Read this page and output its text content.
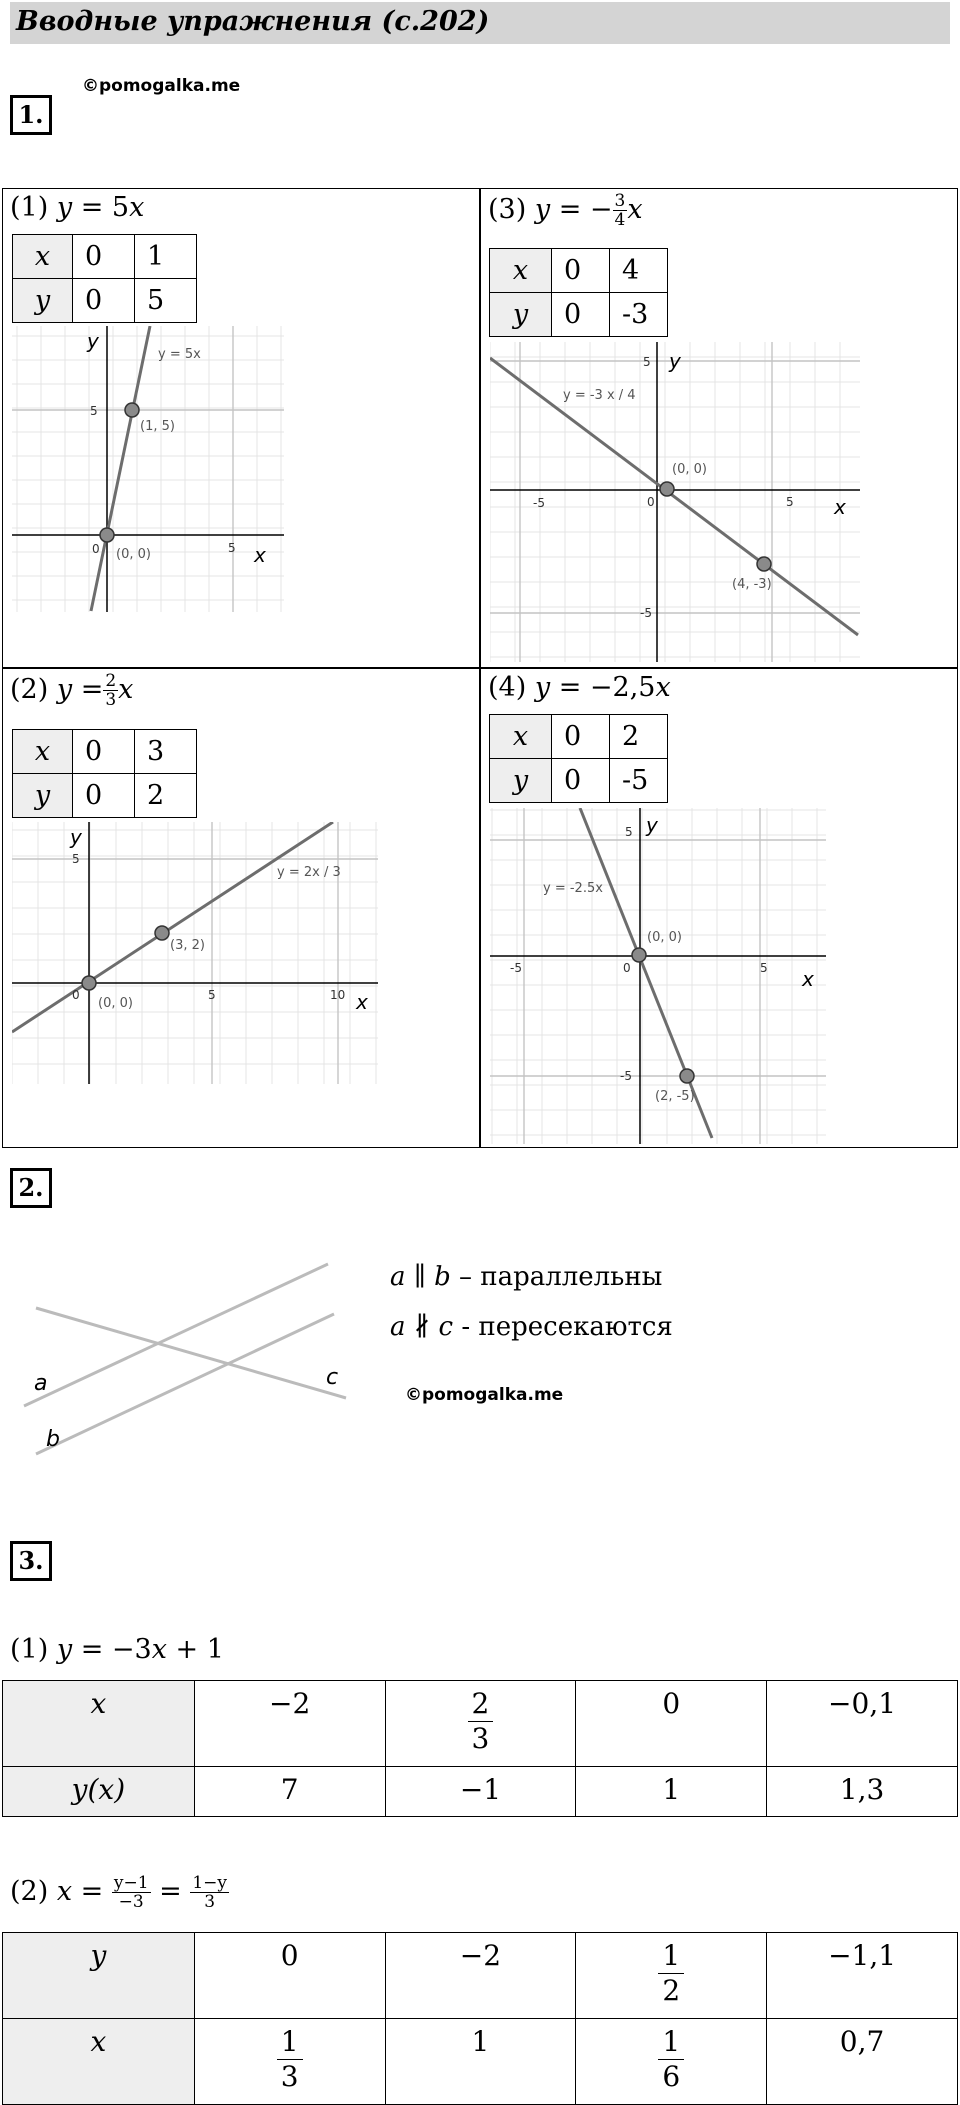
Вводные упражнения (с.202)
1.
©pomogalka.me
(1) y = 5x
x	0	1
y	0	5
y = 5x
(1, 5)
(0, 0)
5
0	5 x
y
(3) y = − $\frac{3}{4}$ x
x	0	4
y	0	-3
y = -3 x / 4
(0, 0)
(4, -3)
5
-5	0	5
-5
x
y
(2) $y = \frac{2}{3}$ x
x	0	3
y	0	2
y = 2x / 3
(3, 2)
(0, 0)
5
0	5	10 x
y
(4) y = −2,5x
x	0	2
y	0	-5
y = -2.5x
(0, 0)
(2, -5)
5
-5	0	5
-5
x
y
2.
a
b
c
a ∥ b – параллельны
a ∦ c - пересекаются
©pomogalka.me
3.
(1) y = −3x + 1
x	−2	$\frac{2}{3}$	0	−0,1
y(x)	7	−1	1	1,3
(2) $x = \frac{y-1}{-3} = \frac{1-y}{3}$
y	0	−2	$\frac{1}{2}$	−1,1
x	$\frac{1}{3}$	1	$\frac{1}{6}$	0,7
